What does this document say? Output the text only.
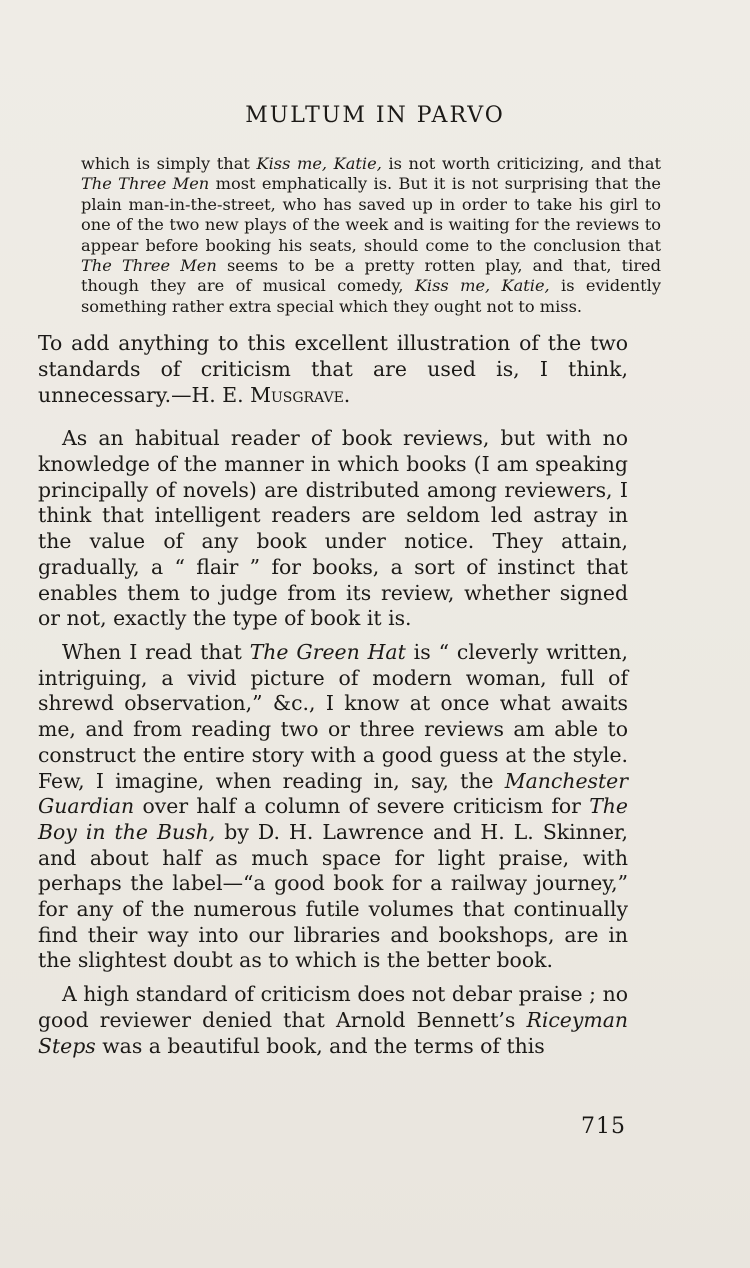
MULTUM IN PARVO

which is simply that Kiss me, Katie, is not worth criticizing, and that The Three Men most emphatically is. But it is not surprising that the plain man-in-the-street, who has saved up in order to take his girl to one of the two new plays of the week and is waiting for the reviews to appear before booking his seats, should come to the conclusion that The Three Men seems to be a pretty rotten play, and that, tired though they are of musical comedy, Kiss me, Katie, is evidently something rather extra special which they ought not to miss.

To add anything to this excellent illustration of the two standards of criticism that are used is, I think, unnecessary.—H. E. Musgrave.

As an habitual reader of book reviews, but with no knowledge of the manner in which books (I am speaking principally of novels) are distributed among reviewers, I think that intelligent readers are seldom led astray in the value of any book under notice. They attain, gradually, a “ flair ” for books, a sort of instinct that enables them to judge from its review, whether signed or not, exactly the type of book it is.

When I read that The Green Hat is “ cleverly written, intriguing, a vivid picture of modern woman, full of shrewd observation,” &c., I know at once what awaits me, and from reading two or three reviews am able to construct the entire story with a good guess at the style. Few, I imagine, when reading in, say, the Manchester Guardian over half a column of severe criticism for The Boy in the Bush, by D. H. Lawrence and H. L. Skinner, and about half as much space for light praise, with perhaps the label—“a good book for a railway journey,” for any of the numerous futile volumes that continually find their way into our libraries and bookshops, are in the slightest doubt as to which is the better book.

A high standard of criticism does not debar praise ; no good reviewer denied that Arnold Bennett’s Riceyman Steps was a beautiful book, and the terms of this

715
